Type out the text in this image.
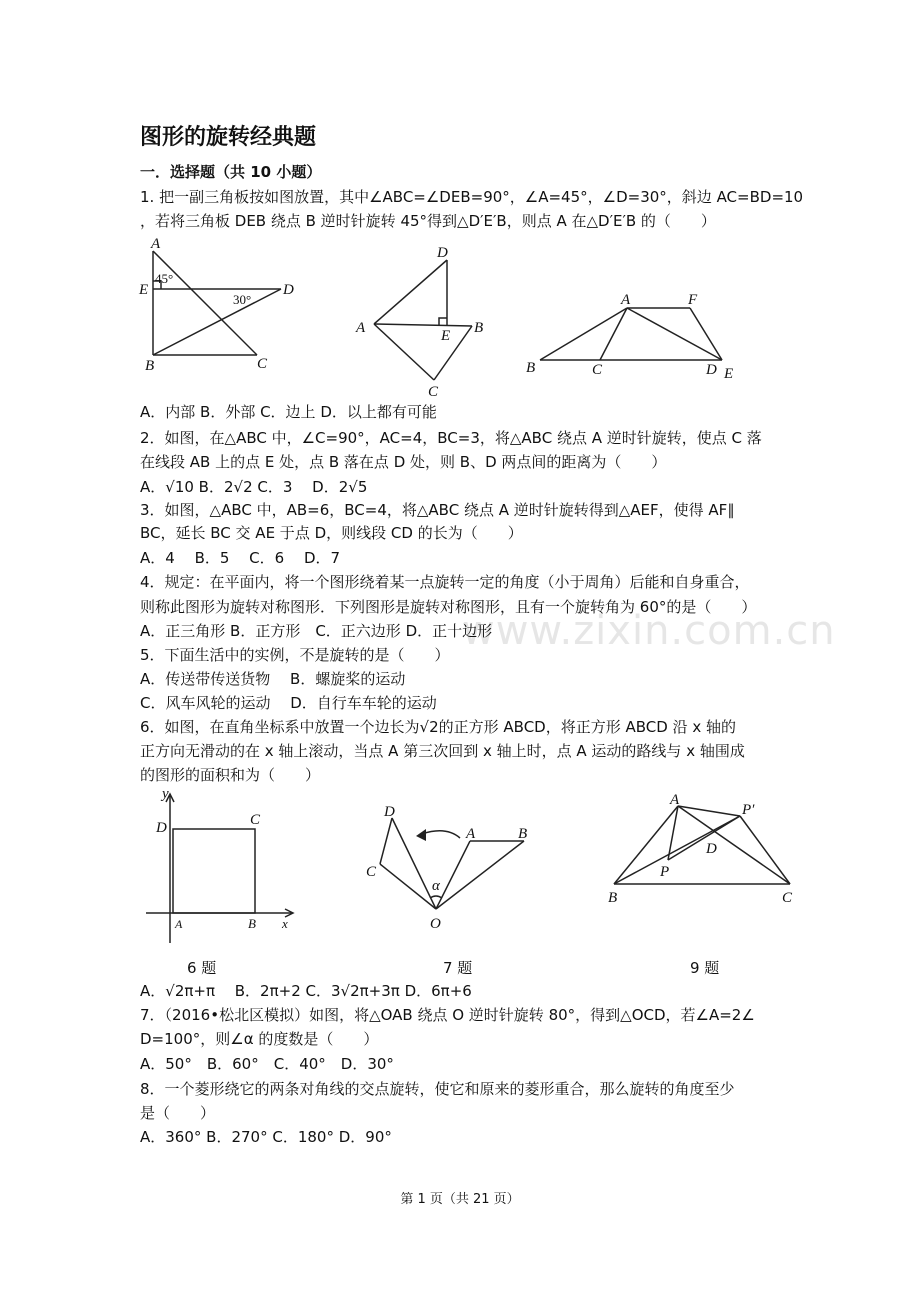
www.zixin.com.cn
图形的旋转经典题
一．选择题（共 10 小题）
1. 把一副三角板按如图放置，其中∠ABC=∠DEB=90°，∠A=45°，∠D=30°，斜边 AC=BD=10
，若将三角板 DEB 绕点 B 逆时针旋转 45°得到△D′E′B，则点 A 在△D′E′B 的（　　）
A
E
B	C
D
45°
30°
D
A	E B
C
A	F
B	C	D E
A．内部 B．外部 C．边上 D．以上都有可能
2．如图，在△ABC 中，∠C=90°，AC=4，BC=3，将△ABC 绕点 A 逆时针旋转，使点 C 落
在线段 AB 上的点 E 处，点 B 落在点 D 处，则 B、D 两点间的距离为（　　）
A．√10 B．2√2 C．3　 D．2√5
3．如图，△ABC 中，AB=6，BC=4，将△ABC 绕点 A 逆时针旋转得到△AEF，使得 AF∥
BC，延长 BC 交 AE 于点 D，则线段 CD 的长为（　　）
A．4　 B．5　 C．6　 D．7
4．规定：在平面内，将一个图形绕着某一点旋转一定的角度（小于周角）后能和自身重合，
则称此图形为旋转对称图形．下列图形是旋转对称图形，且有一个旋转角为 60°的是（　　）
A．正三角形 B．正方形　C．正六边形 D．正十边形
5．下面生活中的实例，不是旋转的是（　　）
A．传送带传送货物　 B．螺旋桨的运动
C．风车风轮的运动　 D．自行车车轮的运动
6．如图，在直角坐标系中放置一个边长为√2的正方形 ABCD，将正方形 ABCD 沿 x 轴的
正方向无滑动的在 x 轴上滚动，当点 A 第三次回到 x 轴上时，点 A 运动的路线与 x 轴围成
的图形的面积和为（　　）
y
D	C
A	B x
D
C
A	B
α
O
A
P′
D
P
B	C
6 题	7 题	9 题
A．√2π+π　 B．2π+2 C．3√2π+3π D．6π+6
7．（2016•松北区模拟）如图，将△OAB 绕点 O 逆时针旋转 80°，得到△OCD，若∠A=2∠
D=100°，则∠α 的度数是（　　）
A．50°　B．60°　C．40°　D．30°
8．一个菱形绕它的两条对角线的交点旋转，使它和原来的菱形重合，那么旋转的角度至少
是（　　）
A．360° B．270° C．180° D．90°
第 1 页（共 21 页）
